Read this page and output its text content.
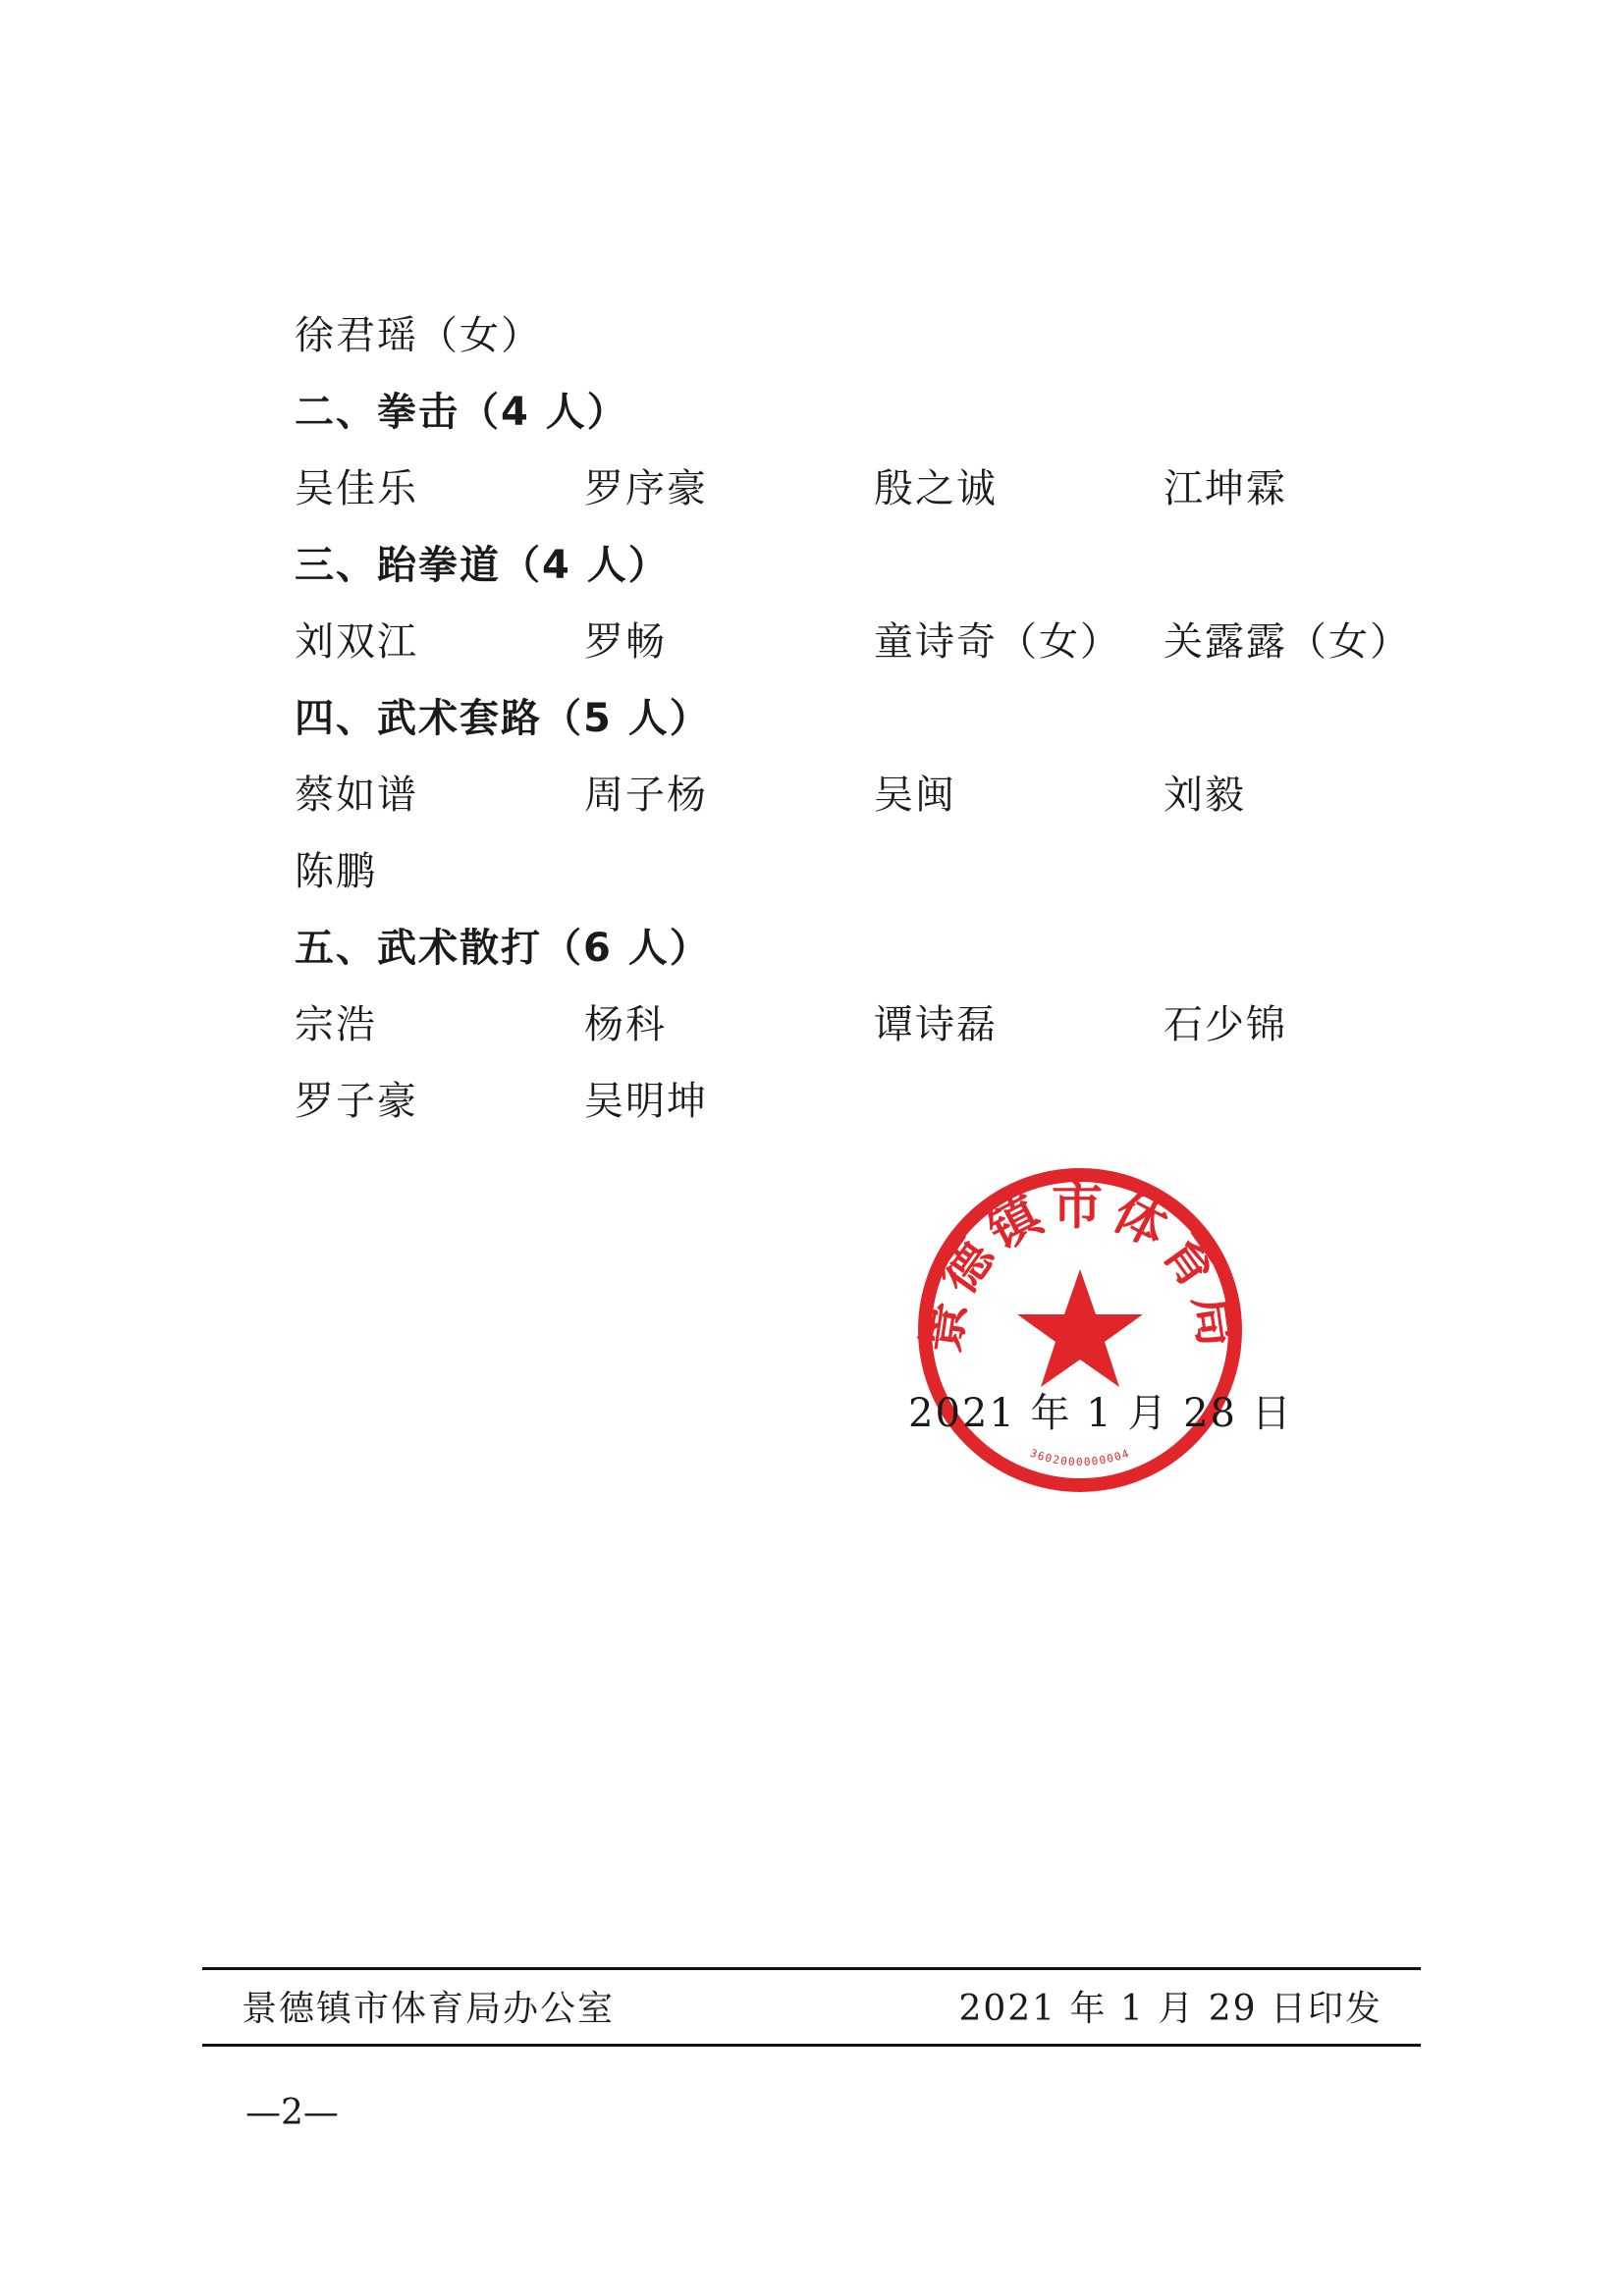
徐君瑶（女）
二、拳击（4 人）
吴佳乐	罗序豪	殷之诚	江坤霖
三、跆拳道（4 人）
刘双江	罗畅	童诗奇（女） 关露露（女）
四、武术套路（5 人）
蔡如谱	周子杨	吴闽	刘毅
陈鹏
五、武术散打（6 人）
宗浩	杨科	谭诗磊	石少锦
罗子豪	吴明坤
景德镇市体育局
3602000000004
2021 年 1 月 28 日
景德镇市体育局办公室	2021 年 1 月 29 日印发
—2—
